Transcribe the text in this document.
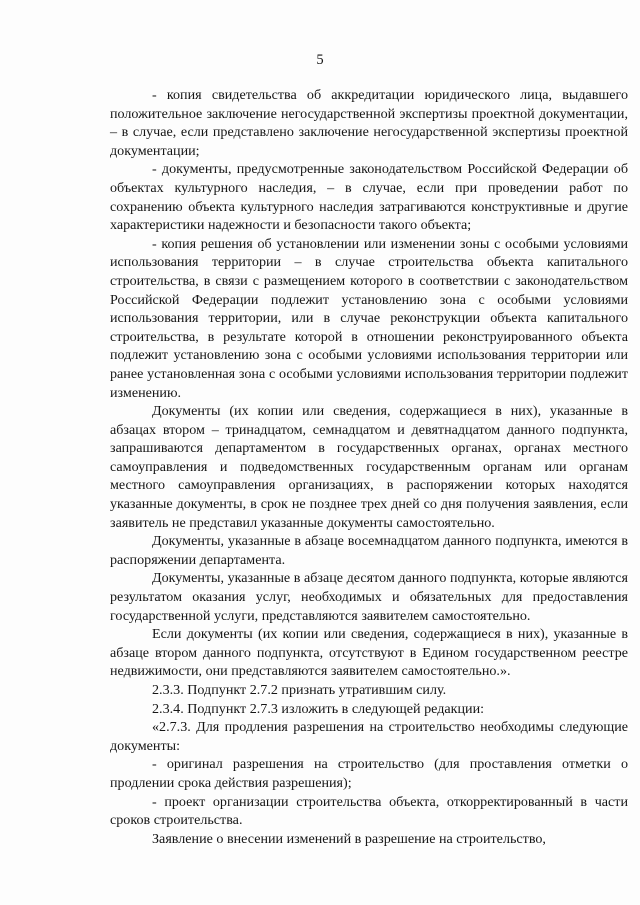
5

- копия свидетельства об аккредитации юридического лица, выдавшего положительное заключение негосударственной экспертизы проектной документации, – в случае, если представлено заключение негосударственной экспертизы проектной документации;

- документы, предусмотренные законодательством Российской Федерации об объектах культурного наследия, – в случае, если при проведении работ по сохранению объекта культурного наследия затрагиваются конструктивные и другие характеристики надежности и безопасности такого объекта;

- копия решения об установлении или изменении зоны с особыми условиями использования территории – в случае строительства объекта капитального строительства, в связи с размещением которого в соответствии с законодательством Российской Федерации подлежит установлению зона с особыми условиями использования территории, или в случае реконструкции объекта капитального строительства, в результате которой в отношении реконструированного объекта подлежит установлению зона с особыми условиями использования территории или ранее установленная зона с особыми условиями использования территории подлежит изменению.

Документы (их копии или сведения, содержащиеся в них), указанные в абзацах втором – тринадцатом, семнадцатом и девятнадцатом данного подпункта, запрашиваются департаментом в государственных органах, органах местного самоуправления и подведомственных государственным органам или органам местного самоуправления организациях, в распоряжении которых находятся указанные документы, в срок не позднее трех дней со дня получения заявления, если заявитель не представил указанные документы самостоятельно.

Документы, указанные в абзаце восемнадцатом данного подпункта, имеются в распоряжении департамента.

Документы, указанные в абзаце десятом данного подпункта, которые являются результатом оказания услуг, необходимых и обязательных для предоставления государственной услуги, представляются заявителем самостоятельно.

Если документы (их копии или сведения, содержащиеся в них), указанные в абзаце втором данного подпункта, отсутствуют в Едином государственном реестре недвижимости, они представляются заявителем самостоятельно.».

2.3.3. Подпункт 2.7.2 признать утратившим силу.

2.3.4. Подпункт 2.7.3 изложить в следующей редакции:

«2.7.3. Для продления разрешения на строительство необходимы следующие документы:

- оригинал разрешения на строительство (для проставления отметки о продлении срока действия разрешения);

- проект организации строительства объекта, откорректированный в части сроков строительства.

Заявление о внесении изменений в разрешение на строительство,
